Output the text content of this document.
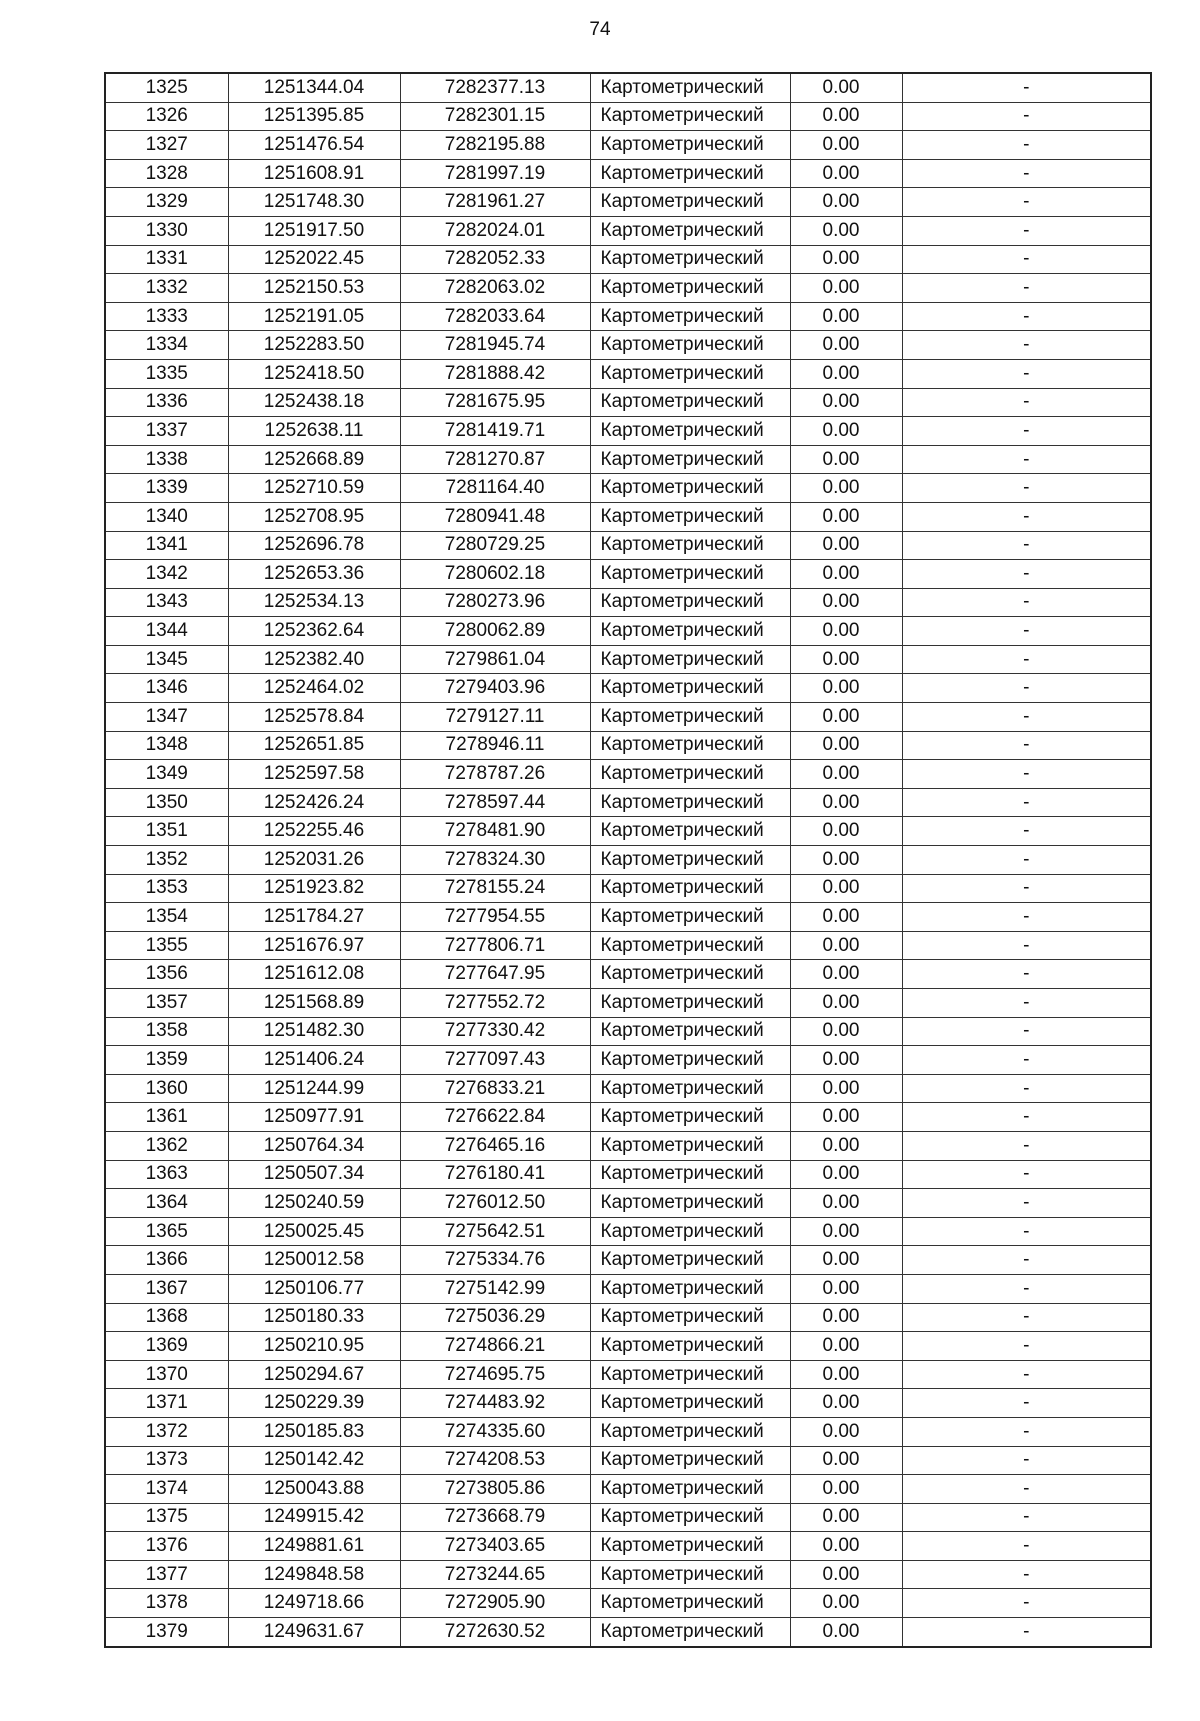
74
1325	1251344.04	7282377.13	Картометрический	0.00	-
1326	1251395.85	7282301.15	Картометрический	0.00	-
1327	1251476.54	7282195.88	Картометрический	0.00	-
1328	1251608.91	7281997.19	Картометрический	0.00	-
1329	1251748.30	7281961.27	Картометрический	0.00	-
1330	1251917.50	7282024.01	Картометрический	0.00	-
1331	1252022.45	7282052.33	Картометрический	0.00	-
1332	1252150.53	7282063.02	Картометрический	0.00	-
1333	1252191.05	7282033.64	Картометрический	0.00	-
1334	1252283.50	7281945.74	Картометрический	0.00	-
1335	1252418.50	7281888.42	Картометрический	0.00	-
1336	1252438.18	7281675.95	Картометрический	0.00	-
1337	1252638.11	7281419.71	Картометрический	0.00	-
1338	1252668.89	7281270.87	Картометрический	0.00	-
1339	1252710.59	7281164.40	Картометрический	0.00	-
1340	1252708.95	7280941.48	Картометрический	0.00	-
1341	1252696.78	7280729.25	Картометрический	0.00	-
1342	1252653.36	7280602.18	Картометрический	0.00	-
1343	1252534.13	7280273.96	Картометрический	0.00	-
1344	1252362.64	7280062.89	Картометрический	0.00	-
1345	1252382.40	7279861.04	Картометрический	0.00	-
1346	1252464.02	7279403.96	Картометрический	0.00	-
1347	1252578.84	7279127.11	Картометрический	0.00	-
1348	1252651.85	7278946.11	Картометрический	0.00	-
1349	1252597.58	7278787.26	Картометрический	0.00	-
1350	1252426.24	7278597.44	Картометрический	0.00	-
1351	1252255.46	7278481.90	Картометрический	0.00	-
1352	1252031.26	7278324.30	Картометрический	0.00	-
1353	1251923.82	7278155.24	Картометрический	0.00	-
1354	1251784.27	7277954.55	Картометрический	0.00	-
1355	1251676.97	7277806.71	Картометрический	0.00	-
1356	1251612.08	7277647.95	Картометрический	0.00	-
1357	1251568.89	7277552.72	Картометрический	0.00	-
1358	1251482.30	7277330.42	Картометрический	0.00	-
1359	1251406.24	7277097.43	Картометрический	0.00	-
1360	1251244.99	7276833.21	Картометрический	0.00	-
1361	1250977.91	7276622.84	Картометрический	0.00	-
1362	1250764.34	7276465.16	Картометрический	0.00	-
1363	1250507.34	7276180.41	Картометрический	0.00	-
1364	1250240.59	7276012.50	Картометрический	0.00	-
1365	1250025.45	7275642.51	Картометрический	0.00	-
1366	1250012.58	7275334.76	Картометрический	0.00	-
1367	1250106.77	7275142.99	Картометрический	0.00	-
1368	1250180.33	7275036.29	Картометрический	0.00	-
1369	1250210.95	7274866.21	Картометрический	0.00	-
1370	1250294.67	7274695.75	Картометрический	0.00	-
1371	1250229.39	7274483.92	Картометрический	0.00	-
1372	1250185.83	7274335.60	Картометрический	0.00	-
1373	1250142.42	7274208.53	Картометрический	0.00	-
1374	1250043.88	7273805.86	Картометрический	0.00	-
1375	1249915.42	7273668.79	Картометрический	0.00	-
1376	1249881.61	7273403.65	Картометрический	0.00	-
1377	1249848.58	7273244.65	Картометрический	0.00	-
1378	1249718.66	7272905.90	Картометрический	0.00	-
1379	1249631.67	7272630.52	Картометрический	0.00	-
